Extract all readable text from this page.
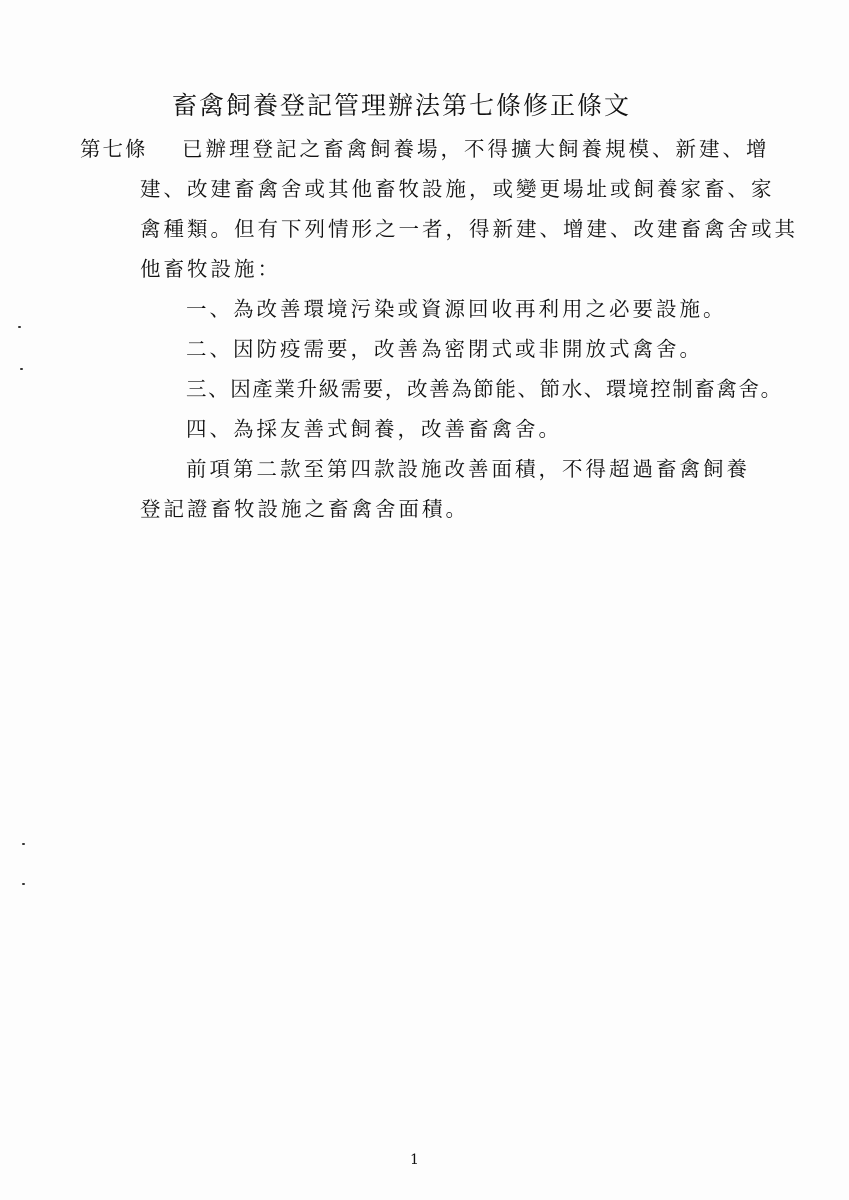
畜禽飼養登記管理辦法第七條修正條文
第七條 已辦理登記之畜禽飼養場，不得擴大飼養規模、新建、增
建、改建畜禽舍或其他畜牧設施，或變更場址或飼養家畜、家
禽種類。但有下列情形之一者，得新建、增建、改建畜禽舍或其
他畜牧設施：
一、為改善環境污染或資源回收再利用之必要設施。
二、因防疫需要，改善為密閉式或非開放式禽舍。
三、因產業升級需要，改善為節能、節水、環境控制畜禽舍。
四、為採友善式飼養，改善畜禽舍。
前項第二款至第四款設施改善面積，不得超過畜禽飼養
登記證畜牧設施之畜禽舍面積。
1
